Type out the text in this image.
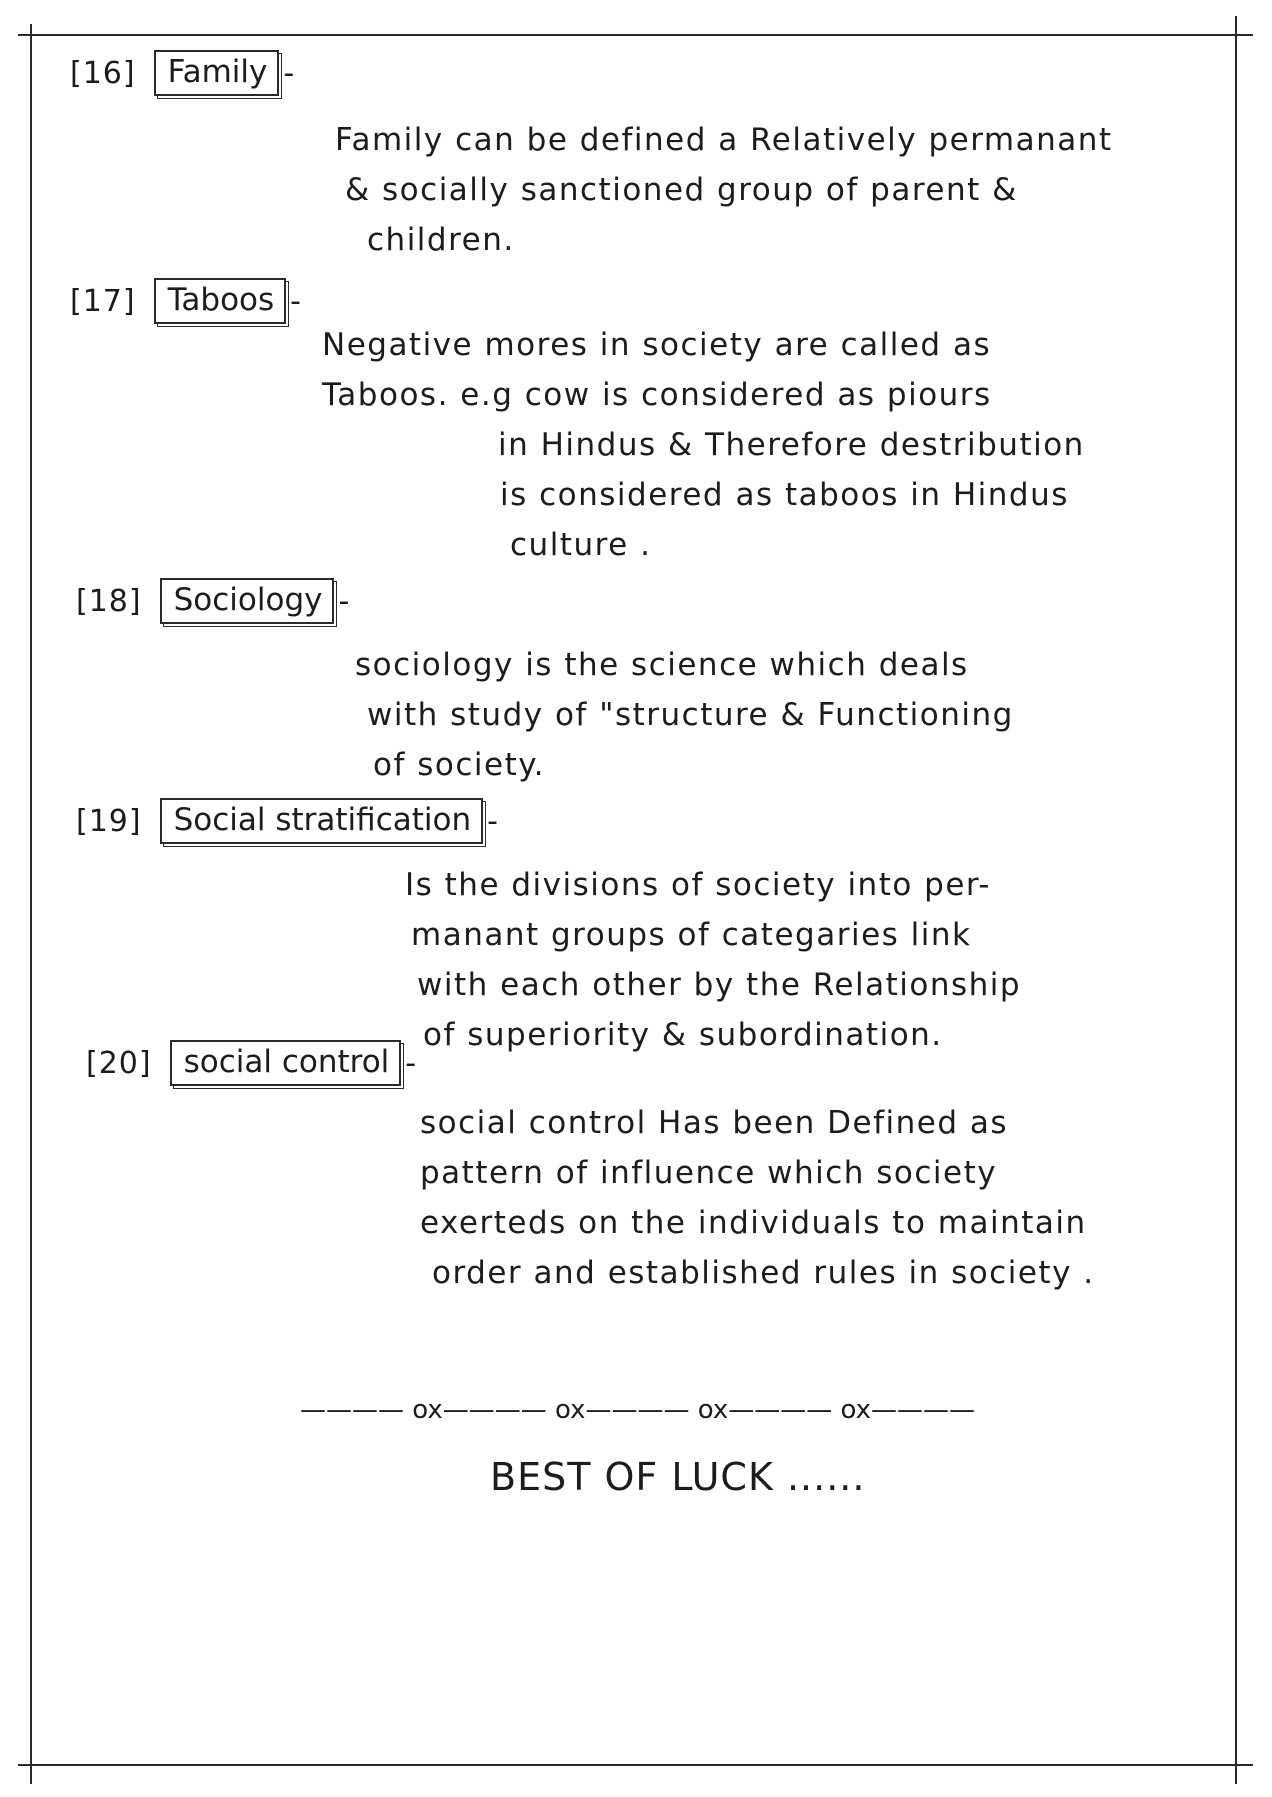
[16]	Family -

Family can be defined a Relatively permanant
& socially sanctioned group of parent &
children.

[17]	Taboos -

Negative mores in society are called as
Taboos. e.g cow is considered as piours
in Hindus & Therefore destribution
is considered as taboos in Hindus
culture .

[18]	Sociology -

sociology is the science which deals
with study of "structure & Functioning
of society.

[19]	Social stratification -

Is the divisions of society into per-
manant groups of categaries link
with each other by the Relationship
of superiority & subordination.

[20]	social control -

social control Has been Defined as
pattern of influence which society
exerteds on the individuals to maintain
order and established rules in society .

———— ox———— ox———— ox———— ox————
BEST OF LUCK ......
